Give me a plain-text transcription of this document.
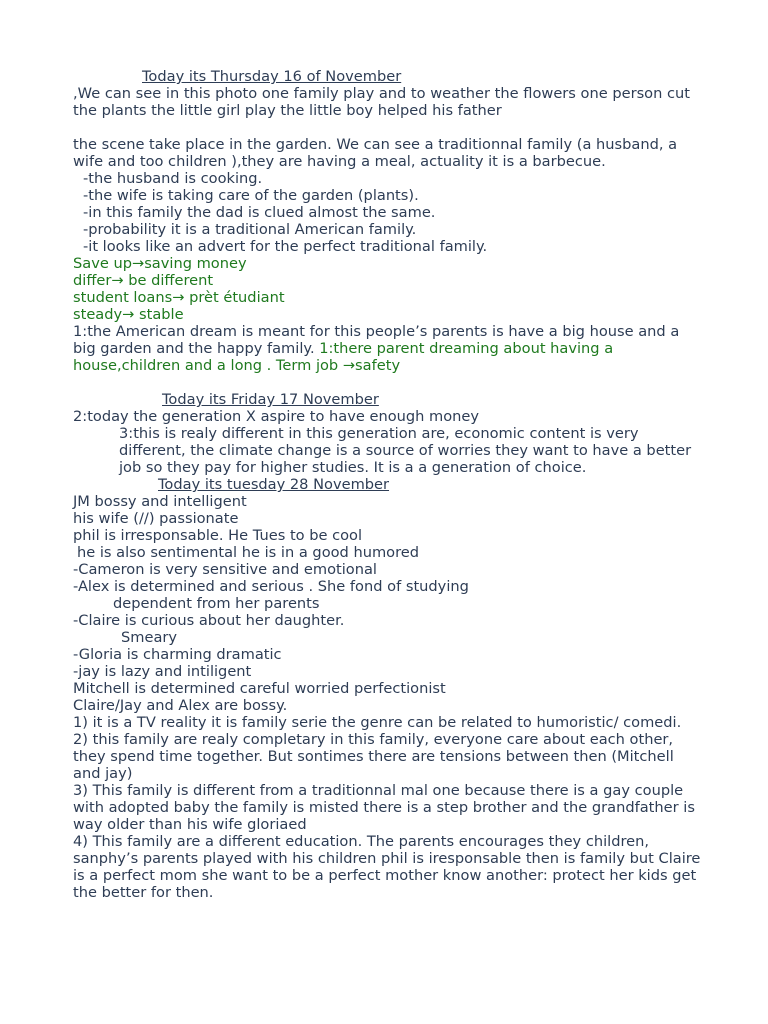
Today its Thursday 16 of November
,We can see in this photo one family play and to weather the flowers one person cut the plants the little girl play the little boy helped his father
the scene take place in the garden. We can see a traditionnal family (a husband, a wife and too children ),they are having a meal, actuality it is a barbecue.
-the husband is cooking.
-the wife is taking care of the garden (plants).
-in this family the dad is clued almost the same.
-probability it is a traditional American family.
-it looks like an advert for the perfect traditional family.
Save up→saving money
differ→ be different
student loans→ prèt étudiant
steady→ stable
1:the American dream is meant for this people’s parents is have a big house and a big garden and the happy family. 1:there parent dreaming about having a house,children and a long . Term job →safety
Today its Friday 17 November
2:today the generation X aspire to have enough money
3:this is realy different in this generation are, economic content is very different, the climate change is a source of worries they want to have a better job so they pay for higher studies. It is a a generation of choice.
Today its tuesday 28 November
JM bossy and intelligent
his wife (//) passionate
phil is irresponsable. He Tues to be cool
he is also sentimental he is in a good humored
-Cameron is very sensitive and emotional
-Alex is determined and serious . She fond of studying
dependent from her parents
-Claire is curious about her daughter.
Smeary
-Gloria is charming dramatic
-jay is lazy and intiligent
Mitchell is determined careful worried perfectionist
Claire/Jay and Alex are bossy.
1) it is a TV reality it is family serie the genre can be related to humoristic/ comedi.
2) this family are realy completary in this family, everyone care about each other, they spend time together. But sontimes there are tensions between then (Mitchell and jay)
3) This family is different from a traditionnal mal one because there is a gay couple with adopted baby the family is misted there is a step brother and the grandfather is way older than his wife gloriaed
4) This family are a different education. The parents encourages they children, sanphy’s parents played with his children phil is iresponsable then is family but Claire is a perfect mom she want to be a perfect mother know another: protect her kids get the better for then.
